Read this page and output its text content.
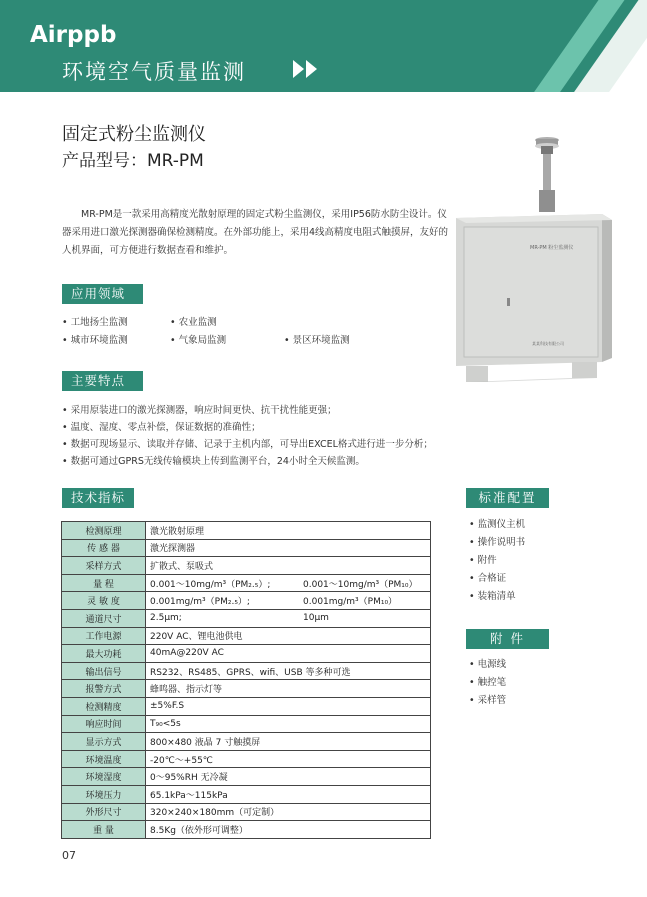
Airppb
环境空气质量监测
固定式粉尘监测仪
产品型号：MR-PM
MR-PM是一款采用高精度光散射原理的固定式粉尘监测仪，采用IP56防水防尘设计。仪器采用进口激光探测器确保检测精度。在外部功能上，采用4线高精度电阻式触摸屏，友好的人机界面，可方便进行数据查看和维护。	MR-PM 粉尘监测仪
某某科技有限公司
应用领域
• 工地扬尘监测	• 农业监测
• 城市环境监测	• 气象局监测	• 景区环境监测
主要特点
• 采用原装进口的激光探测器，响应时间更快、抗干扰性能更强；
• 温度、湿度、零点补偿，保证数据的准确性；
• 数据可现场显示、读取并存储、记录于主机内部，可导出EXCEL格式进行进一步分析；
• 数据可通过GPRS无线传输模块上传到监测平台，24小时全天候监测。
技术指标
检测原理	激光散射原理
传 感 器	激光探测器
采样方式	扩散式、泵吸式
量 程	0.001～10mg/m³（PM₂.₅）; 0.001～10mg/m³（PM₁₀）

灵 敏 度	0.001mg/m³（PM₂.₅）; 0.001mg/m³（PM₁₀）

通道尺寸	2.5μm; 10μm

工作电源	220V AC、锂电池供电
最大功耗	40mA@220V AC
输出信号	RS232、RS485、GPRS、wifi、USB 等多种可选
报警方式	蜂鸣器、指示灯等
检测精度	±5%F.S
响应时间	T₉₀<5s
显示方式	800×480 液晶 7 寸触摸屏
环境温度	-20℃～+55℃
环境湿度	0～95%RH 无冷凝
环境压力	65.1kPa～115kPa
外形尺寸	320×240×180mm（可定制）
重 量	8.5Kg（依外形可调整）
标准配置
• 监测仪主机
• 操作说明书
• 附件
• 合格证
• 装箱清单
附 件
• 电源线
• 触控笔
• 采样管
07
